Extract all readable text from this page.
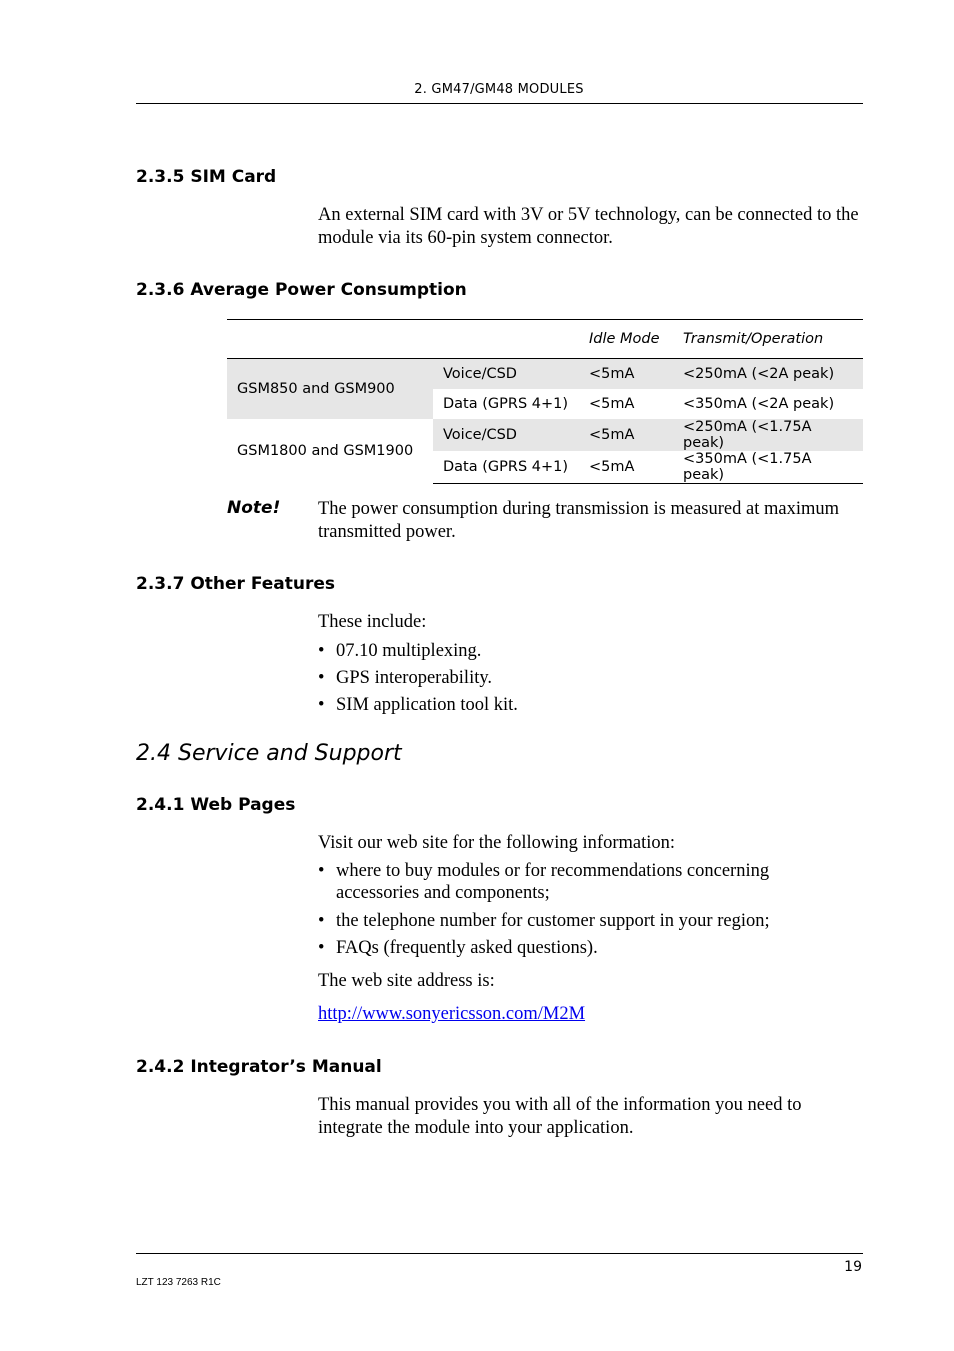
2. GM47/GM48 MODULES
2.3.5 SIM Card
An external SIM card with 3V or 5V technology, can be connected to the module via its 60-pin system connector.
2.3.6 Average Power Consumption
		Idle Mode	Transmit/Operation
GSM850 and GSM900	Voice/CSD	<5mA	<250mA (<2A peak)
	Data (GPRS 4+1)	<5mA	<350mA (<2A peak)
GSM1800 and GSM1900	Voice/CSD	<5mA	<250mA (<1.75A peak)
	Data (GPRS 4+1)	<5mA	<350mA (<1.75A peak)
Note! The power consumption during transmission is measured at maximum transmitted power.
2.3.7 Other Features
These include:
• 07.10 multiplexing.
• GPS interoperability.
• SIM application tool kit.
2.4 Service and Support
2.4.1 Web Pages
Visit our web site for the following information:
• where to buy modules or for recommendations concerning accessories and components;
• the telephone number for customer support in your region;
• FAQs (frequently asked questions).
The web site address is:
http://www.sonyericsson.com/M2M
2.4.2 Integrator’s Manual
This manual provides you with all of the information you need to integrate the module into your application.
19
LZT 123 7263 R1C
